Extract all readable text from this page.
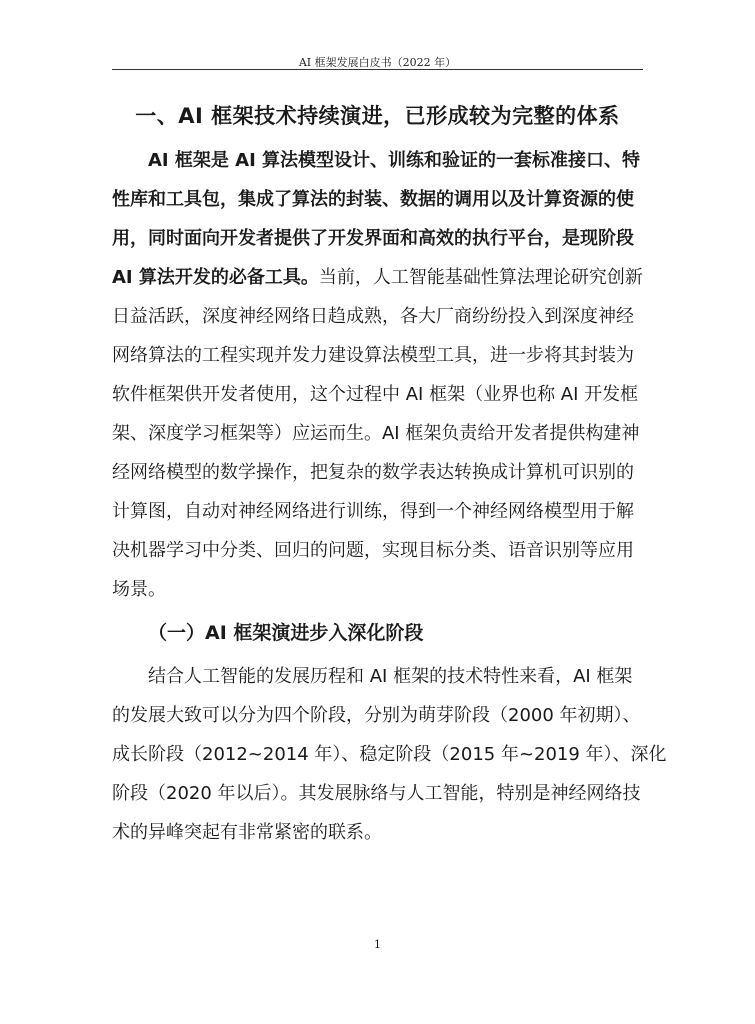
AI 框架发展白皮书（2022 年）
一、AI 框架技术持续演进，已形成较为完整的体系
AI 框架是 AI 算法模型设计、训练和验证的一套标准接口、特
性库和工具包，集成了算法的封装、数据的调用以及计算资源的使
用，同时面向开发者提供了开发界面和高效的执行平台，是现阶段
AI 算法开发的必备工具。当前，人工智能基础性算法理论研究创新
日益活跃，深度神经网络日趋成熟，各大厂商纷纷投入到深度神经
网络算法的工程实现并发力建设算法模型工具，进一步将其封装为
软件框架供开发者使用，这个过程中 AI 框架（业界也称 AI 开发框
架、深度学习框架等）应运而生。AI 框架负责给开发者提供构建神
经网络模型的数学操作，把复杂的数学表达转换成计算机可识别的
计算图，自动对神经网络进行训练，得到一个神经网络模型用于解
决机器学习中分类、回归的问题，实现目标分类、语音识别等应用
场景。
（一）AI 框架演进步入深化阶段
结合人工智能的发展历程和 AI 框架的技术特性来看，AI 框架
的发展大致可以分为四个阶段，分别为萌芽阶段（2000 年初期）、
成长阶段（2012~2014 年）、稳定阶段（2015 年~2019 年）、深化
阶段（2020 年以后）。其发展脉络与人工智能，特别是神经网络技
术的异峰突起有非常紧密的联系。
1
